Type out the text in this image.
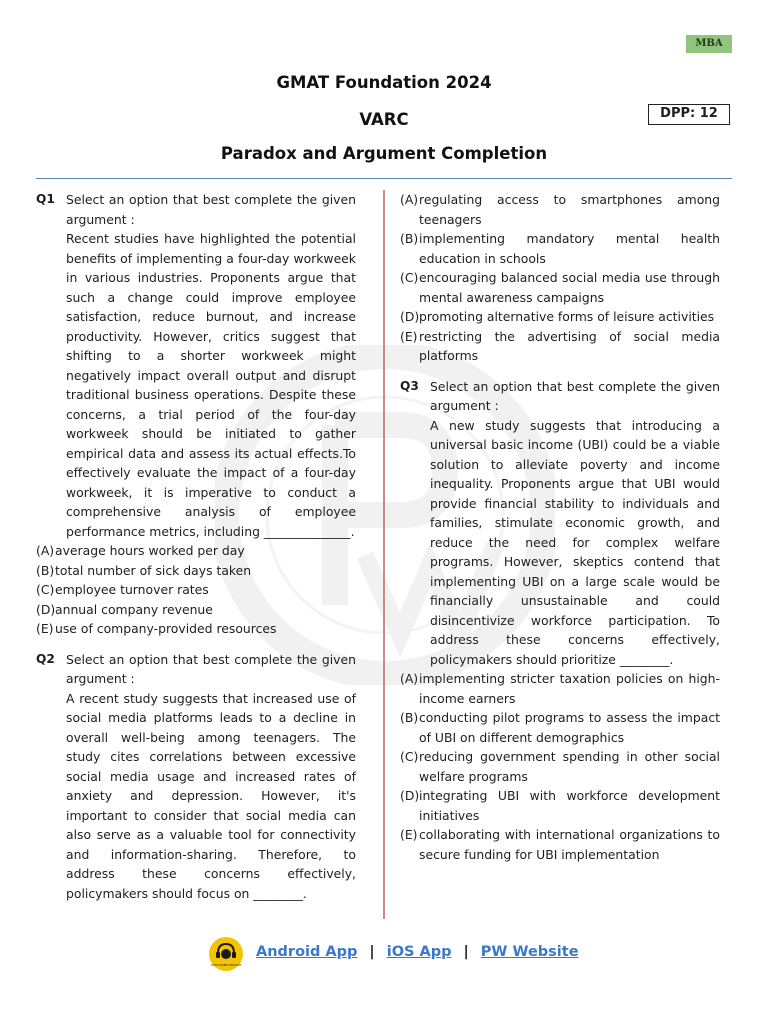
MBA
GMAT Foundation 2024
VARC	DPP: 12
Paradox and Argument Completion
Q1 Select an option that best complete the given argument :
Recent studies have highlighted the potential benefits of implementing a four-day workweek in various industries. Proponents argue that such a change could improve employee satisfaction, reduce burnout, and increase productivity. However, critics suggest that shifting to a shorter workweek might negatively impact overall output and disrupt traditional business operations. Despite these concerns, a trial period of the four-day workweek should be initiated to gather empirical data and assess its actual effects.To effectively evaluate the impact of a four-day workweek, it is imperative to conduct a comprehensive analysis of employee performance metrics, including ______________.
(A) average hours worked per day
(B) total number of sick days taken
(C) employee turnover rates
(D) annual company revenue
(E) use of company-provided resources
Q2 Select an option that best complete the given argument :
A recent study suggests that increased use of social media platforms leads to a decline in overall well-being among teenagers. The study cites correlations between excessive social media usage and increased rates of anxiety and depression. However, it's important to consider that social media can also serve as a valuable tool for connectivity and information-sharing. Therefore, to address these concerns effectively, policymakers should focus on ________.
(A) regulating access to smartphones among teenagers
(B) implementing mandatory mental health education in schools
(C) encouraging balanced social media use through mental awareness campaigns
(D) promoting alternative forms of leisure activities
(E) restricting the advertising of social media platforms
Q3 Select an option that best complete the given argument :
A new study suggests that introducing a universal basic income (UBI) could be a viable solution to alleviate poverty and income inequality. Proponents argue that UBI would provide financial stability to individuals and families, stimulate economic growth, and reduce the need for complex welfare programs. However, skeptics contend that implementing UBI on a large scale would be financially unsustainable and could disincentivize workforce participation. To address these concerns effectively, policymakers should prioritize ________.
(A) implementing stricter taxation policies on high-income earners
(B) conducting pilot programs to assess the impact of UBI on different demographics
(C) reducing government spending in other social welfare programs
(D) integrating UBI with workforce development initiatives
(E) collaborating with international organizations to secure funding for UBI implementation
CUSTOMER SERVICE
Android App | iOS App | PW Website
